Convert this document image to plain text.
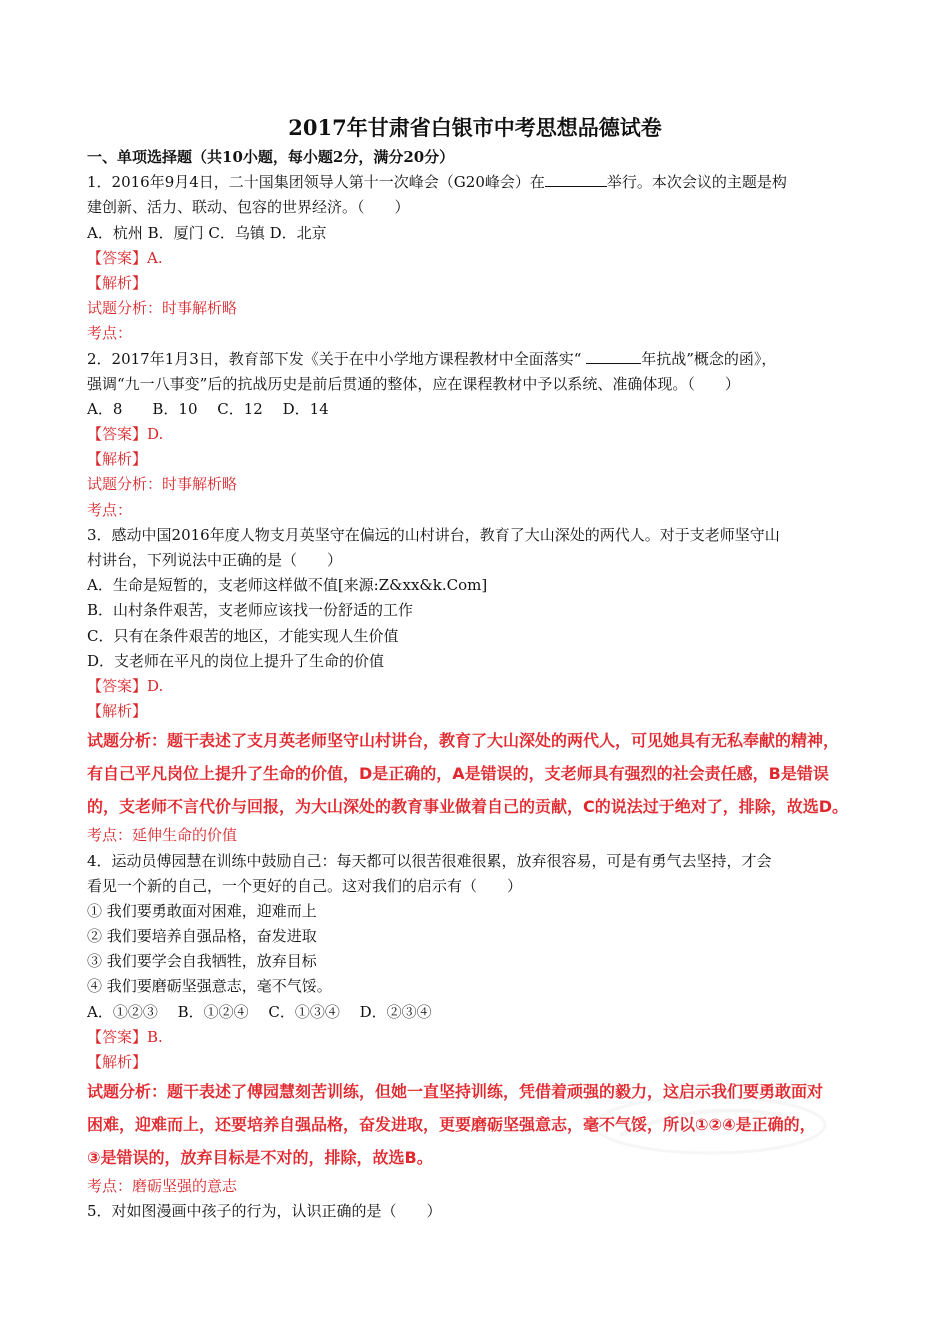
2017年甘肃省白银市中考思想品德试卷
一、单项选择题（共10小题，每小题2分，满分20分）
1．2016年9月4日，二十国集团领导人第十一次峰会（G20峰会）在	举行。本次会议的主题是构
建创新、活力、联动、包容的世界经济。（　　）
A．杭州 B．厦门 C．乌镇 D．北京
【答案】A.
【解析】
试题分析：时事解析略
考点：
2．2017年1月3日，教育部下发《关于在中小学地方课程教材中全面落实“	年抗战”概念的函》，
强调“九一八事变”后的抗战历史是前后贯通的整体，应在课程教材中予以系统、准确体现。（　　）
A．8　　B．10　 C．12　 D．14
【答案】D.
【解析】
试题分析：时事解析略
考点：
3．感动中国2016年度人物支月英坚守在偏远的山村讲台，教育了大山深处的两代人。对于支老师坚守山
村讲台，下列说法中正确的是（　　）
A．生命是短暂的，支老师这样做不值[来源:Z&xx&k.Com]
B．山村条件艰苦，支老师应该找一份舒适的工作
C．只有在条件艰苦的地区，才能实现人生价值
D．支老师在平凡的岗位上提升了生命的价值
【答案】D.
【解析】
试题分析：题干表述了支月英老师坚守山村讲台，教育了大山深处的两代人，可见她具有无私奉献的精神，
有自己平凡岗位上提升了生命的价值，D是正确的，A是错误的，支老师具有强烈的社会责任感，B是错误
的，支老师不言代价与回报，为大山深处的教育事业做着自己的贡献，C的说法过于绝对了，排除，故选D。
考点：延伸生命的价值
4．运动员傅园慧在训练中鼓励自己：每天都可以很苦很难很累，放弃很容易，可是有勇气去坚持，才会
看见一个新的自己，一个更好的自己。这对我们的启示有（　　）
① 我们要勇敢面对困难，迎难而上
② 我们要培养自强品格，奋发进取
③ 我们要学会自我牺牲，放弃目标
④ 我们要磨砺坚强意志，毫不气馁。
A．①②③　 B．①②④　 C．①③④　 D．②③④
【答案】B.
【解析】
试题分析：题干表述了傅园慧刻苦训练，但她一直坚持训练，凭借着顽强的毅力，这启示我们要勇敢面对
困难，迎难而上，还要培养自强品格，奋发进取，更要磨砺坚强意志，毫不气馁，所以①②④是正确的，
③是错误的，放弃目标是不对的，排除，故选B。
考点：磨砺坚强的意志
5．对如图漫画中孩子的行为，认识正确的是（　　）
